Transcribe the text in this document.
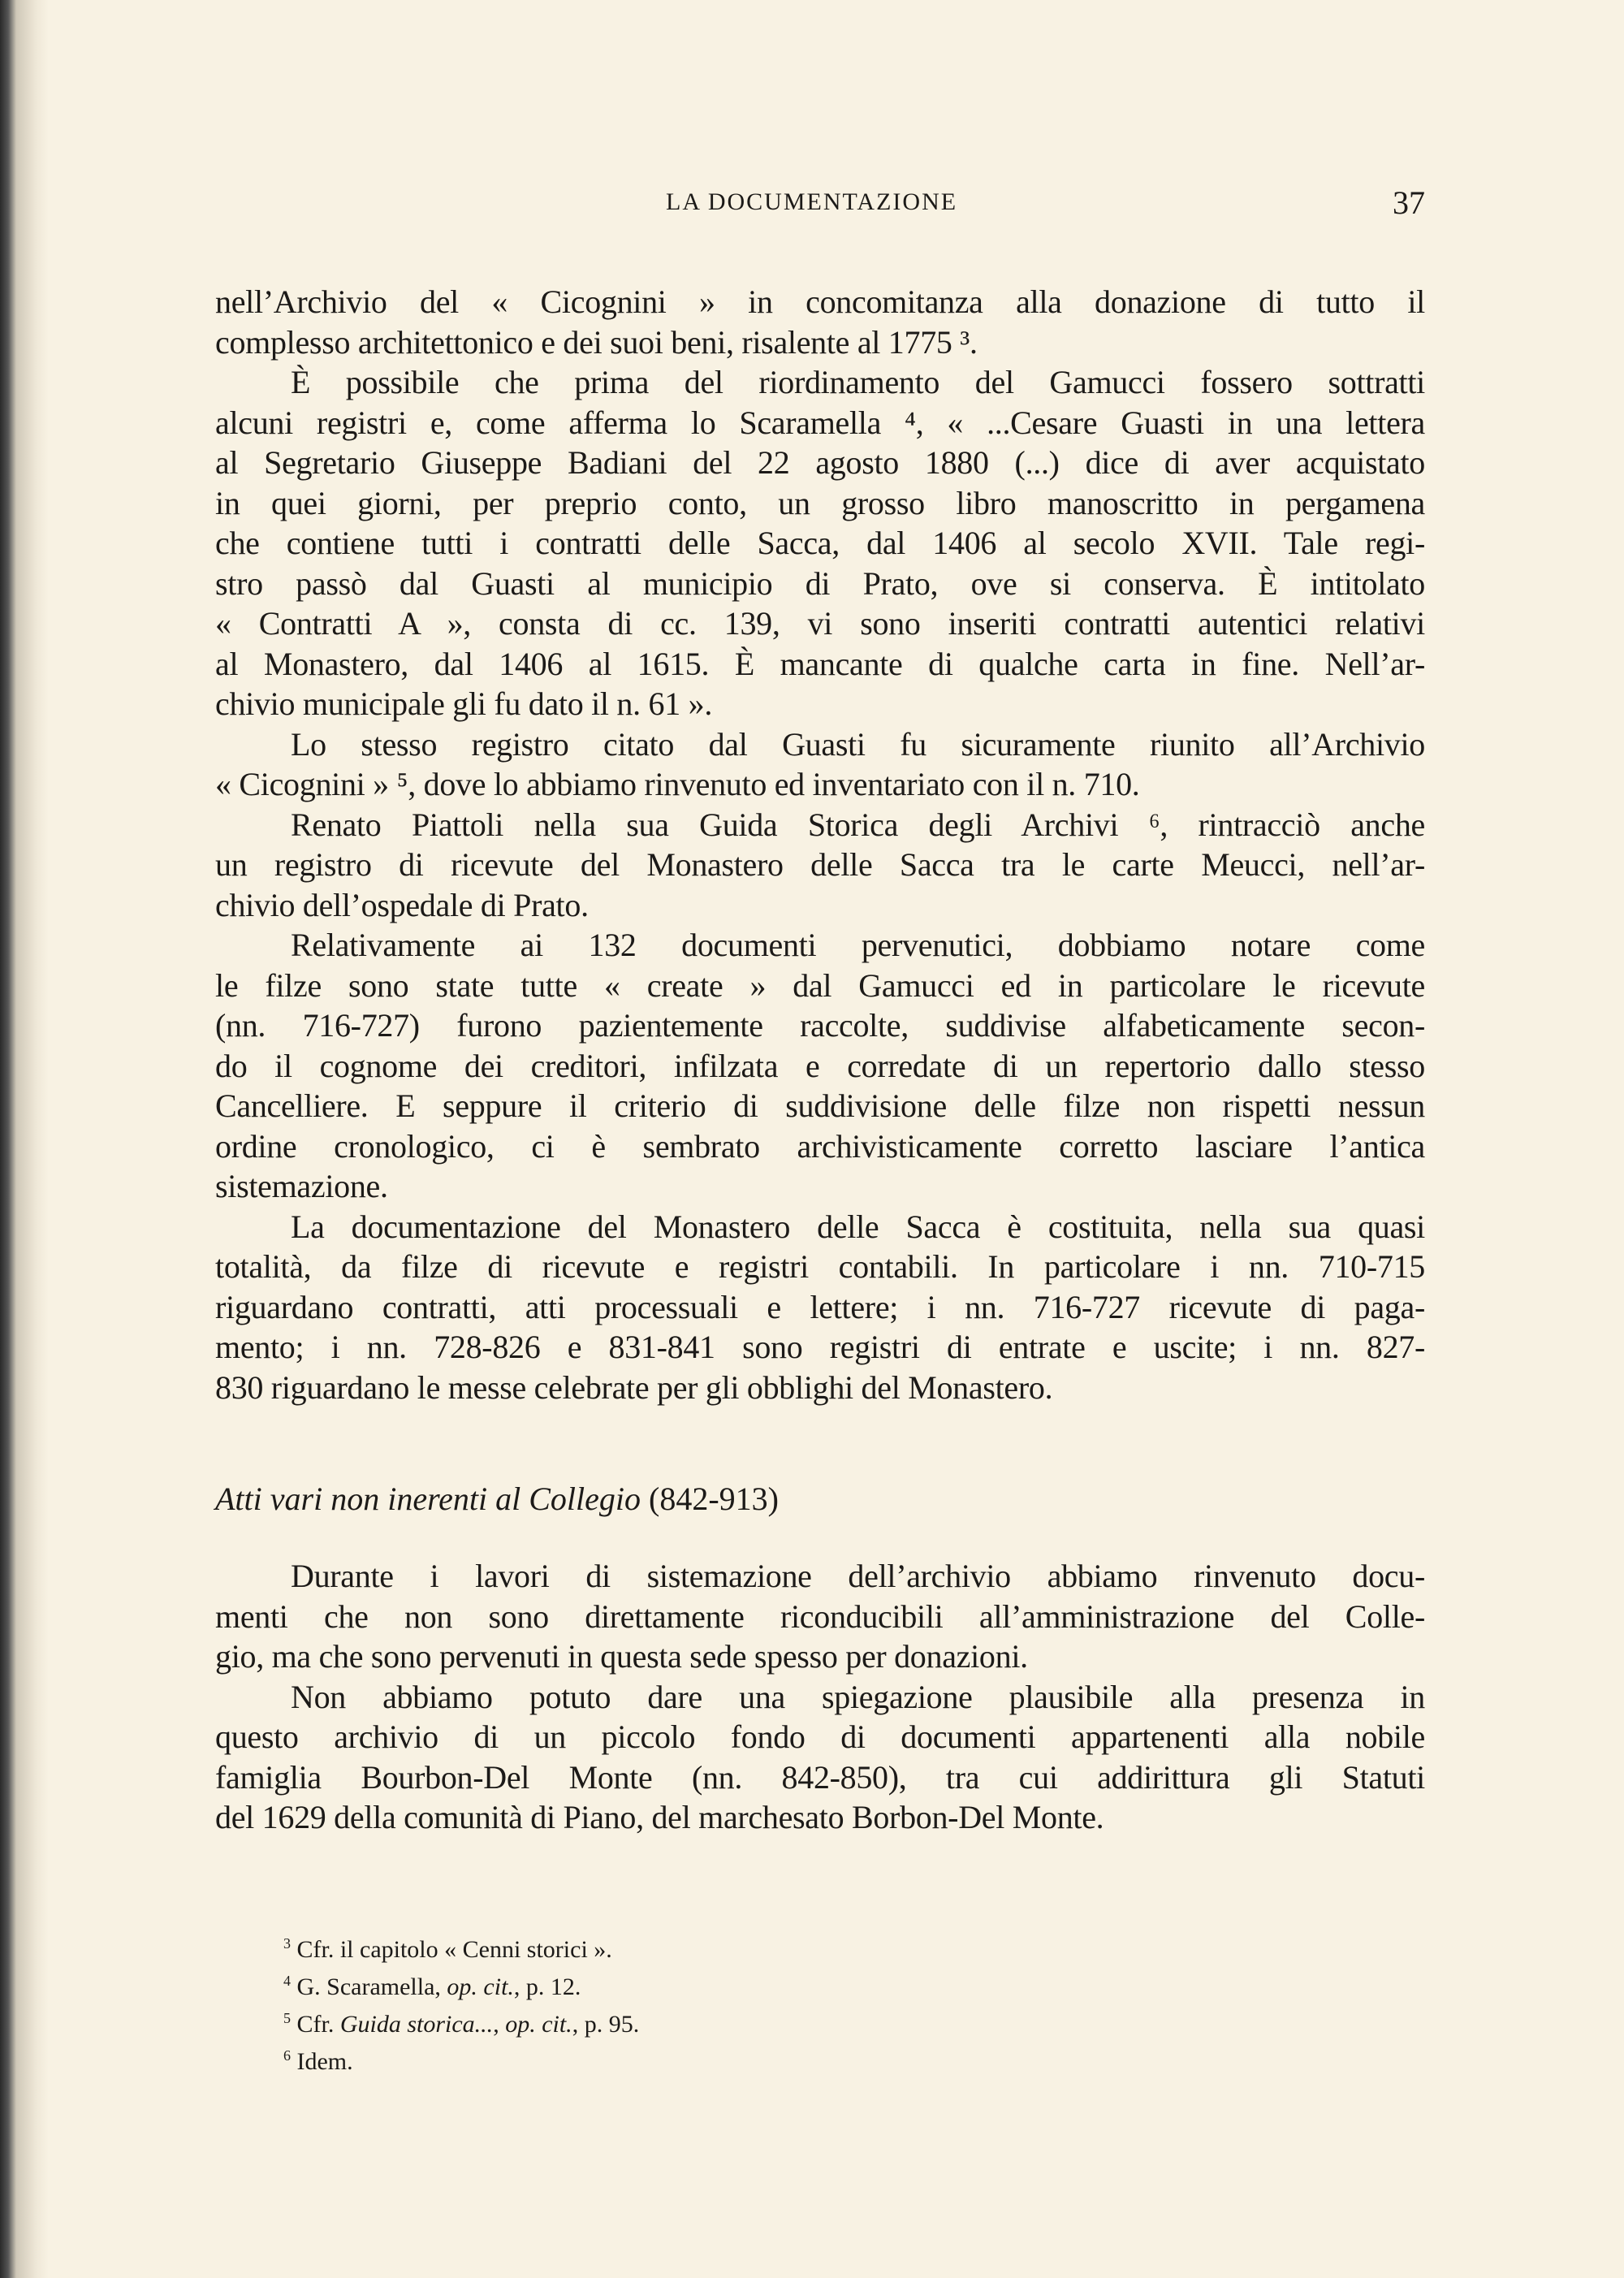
LA DOCUMENTAZIONE	37
nell’Archivio del « Cicognini » in concomitanza alla donazione di tutto il
complesso architettonico e dei suoi beni, risalente al 1775 ³.
È possibile che prima del riordinamento del Gamucci fossero sottratti
alcuni registri e, come afferma lo Scaramella ⁴, « ...Cesare Guasti in una lettera
al Segretario Giuseppe Badiani del 22 agosto 1880 (...) dice di aver acquistato
in quei giorni, per preprio conto, un grosso libro manoscritto in pergamena
che contiene tutti i contratti delle Sacca, dal 1406 al secolo XVII. Tale regi-
stro passò dal Guasti al municipio di Prato, ove si conserva. È intitolato
« Contratti A », consta di cc. 139, vi sono inseriti contratti autentici relativi
al Monastero, dal 1406 al 1615. È mancante di qualche carta in fine. Nell’ar-
chivio municipale gli fu dato il n. 61 ».
Lo stesso registro citato dal Guasti fu sicuramente riunito all’Archivio
« Cicognini » ⁵, dove lo abbiamo rinvenuto ed inventariato con il n. 710.
Renato Piattoli nella sua Guida Storica degli Archivi ⁶, rintracciò anche
un registro di ricevute del Monastero delle Sacca tra le carte Meucci, nell’ar-
chivio dell’ospedale di Prato.
Relativamente ai 132 documenti pervenutici, dobbiamo notare come
le filze sono state tutte « create » dal Gamucci ed in particolare le ricevute
(nn. 716-727) furono pazientemente raccolte, suddivise alfabeticamente secon-
do il cognome dei creditori, infilzata e corredate di un repertorio dallo stesso
Cancelliere. E seppure il criterio di suddivisione delle filze non rispetti nessun
ordine cronologico, ci è sembrato archivisticamente corretto lasciare l’antica
sistemazione.
La documentazione del Monastero delle Sacca è costituita, nella sua quasi
totalità, da filze di ricevute e registri contabili. In particolare i nn. 710-715
riguardano contratti, atti processuali e lettere; i nn. 716-727 ricevute di paga-
mento; i nn. 728-826 e 831-841 sono registri di entrate e uscite; i nn. 827-
830 riguardano le messe celebrate per gli obblighi del Monastero.
Atti vari non inerenti al Collegio (842-913)
Durante i lavori di sistemazione dell’archivio abbiamo rinvenuto docu-
menti che non sono direttamente riconducibili all’amministrazione del Colle-
gio, ma che sono pervenuti in questa sede spesso per donazioni.
Non abbiamo potuto dare una spiegazione plausibile alla presenza in
questo archivio di un piccolo fondo di documenti appartenenti alla nobile
famiglia Bourbon-Del Monte (nn. 842-850), tra cui addirittura gli Statuti
del 1629 della comunità di Piano, del marchesato Borbon-Del Monte.
$^3$ Cfr. il capitolo « Cenni storici ».
$^4$ G. Scaramella, op. cit., p. 12.
$^5$ Cfr. Guida storica..., op. cit., p. 95.
$^6$ Idem.
